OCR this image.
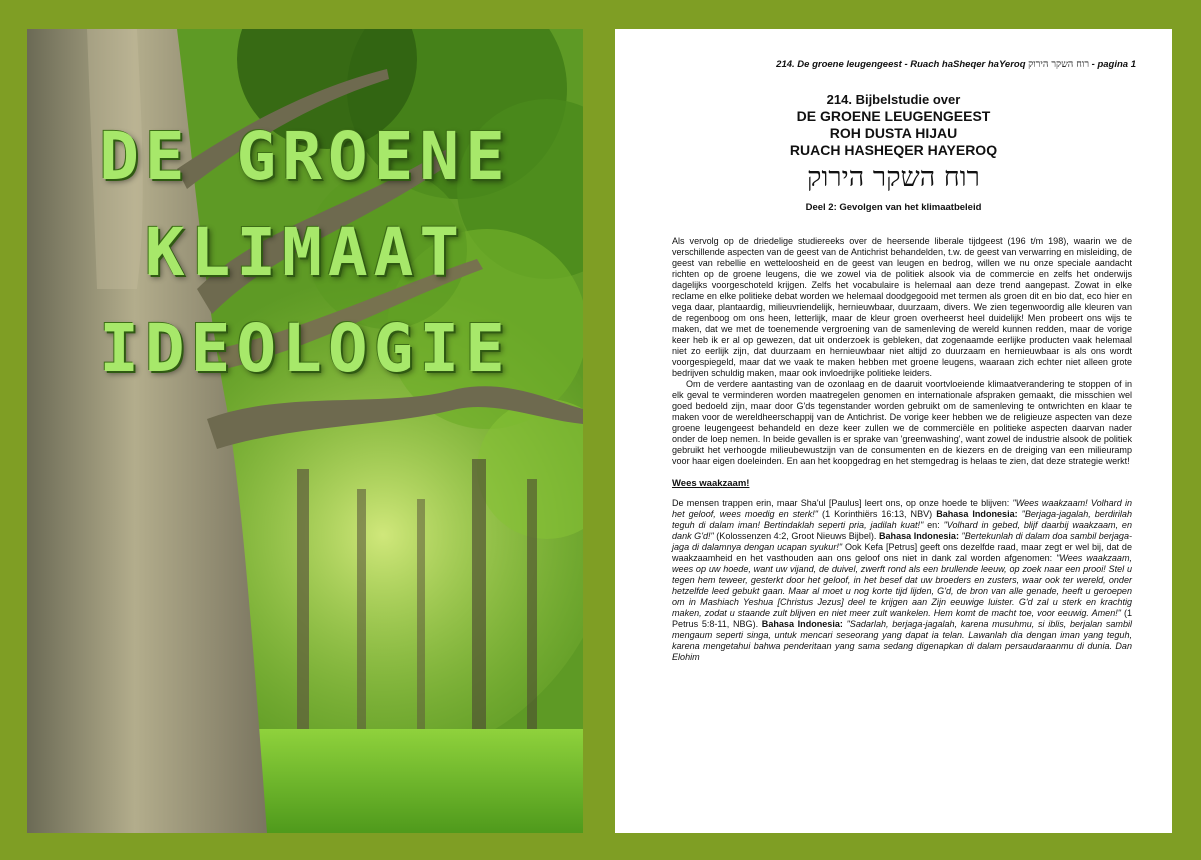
DE GROENE
KLIMAAT
IDEOLOGIE
214. De groene leugengeest - Ruach haSheqer haYeroq רוח השקר הירוק - pagina 1
214. Bijbelstudie over
DE GROENE LEUGENGEEST
ROH DUSTA HIJAU
RUACH HASHEQER HAYEROQ
רוח השקר הירוק
Deel 2: Gevolgen van het klimaatbeleid

Als vervolg op de driedelige studiereeks over de heersende liberale tijdgeest (196 t/m 198), waarin we de verschillende aspecten van de geest van de Antichrist behandelden, t.w. de geest van verwarring en misleiding, de geest van rebellie en wetteloosheid en de geest van leugen en bedrog, willen we nu onze speciale aandacht richten op de groene leugens, die we zowel via de politiek alsook via de commercie en zelfs het onderwijs dagelijks voorgeschoteld krijgen. Zelfs het vocabulaire is helemaal aan deze trend aangepast. Zowat in elke reclame en elke politieke debat worden we helemaal doodgegooid met termen als groen dit en bio dat, eco hier en vega daar, plantaardig, milieuvriendelijk, hernieuwbaar, duurzaam, divers. We zien tegenwoordig alle kleuren van de regenboog om ons heen, letterlijk, maar de kleur groen overheerst heel duidelijk! Men probeert ons wijs te maken, dat we met de toenemende vergroening van de samenleving de wereld kunnen redden, maar de vorige keer heb ik er al op gewezen, dat uit onderzoek is gebleken, dat zogenaamde eerlijke producten vaak helemaal niet zo eerlijk zijn, dat duurzaam en hernieuwbaar niet altijd zo duurzaam en hernieuwbaar is als ons wordt voorgespiegeld, maar dat we vaak te maken hebben met groene leugens, waaraan zich echter niet alleen grote bedrijven schuldig maken, maar ook invloedrijke politieke leiders.

Om de verdere aantasting van de ozonlaag en de daaruit voortvloeiende klimaatverandering te stoppen of in elk geval te verminderen worden maatregelen genomen en internationale afspraken gemaakt, die misschien wel goed bedoeld zijn, maar door G'ds tegenstander worden gebruikt om de samenleving te ontwrichten en klaar te maken voor de wereldheerschappij van de Antichrist. De vorige keer hebben we de religieuze aspecten van deze groene leugengeest behandeld en deze keer zullen we de commerciële en politieke aspecten daarvan nader onder de loep nemen. In beide gevallen is er sprake van 'greenwashing', want zowel de industrie alsook de politiek gebruikt het verhoogde milieubewustzijn van de consumenten en de kiezers en de dreiging van een milieuramp voor haar eigen doeleinden. En aan het koopgedrag en het stemgedrag is helaas te zien, dat deze strategie werkt!

Wees waakzaam!

De mensen trappen erin, maar Sha'ul [Paulus] leert ons, op onze hoede te blijven: "Wees waakzaam! Volhard in het geloof, wees moedig en sterk!" (1 Korinthiërs 16:13, NBV) Bahasa Indonesia: "Berjaga-jagalah, berdirilah teguh di dalam iman! Bertindaklah seperti pria, jadilah kuat!" en: "Volhard in gebed, blijf daarbij waakzaam, en dank G'd!" (Kolossenzen 4:2, Groot Nieuws Bijbel). Bahasa Indonesia: "Bertekunlah di dalam doa sambil berjaga-jaga di dalamnya dengan ucapan syukur!" Ook Kefa [Petrus] geeft ons dezelfde raad, maar zegt er wel bij, dat de waakzaamheid en het vasthouden aan ons geloof ons niet in dank zal worden afgenomen: "Wees waakzaam, wees op uw hoede, want uw vijand, de duivel, zwerft rond als een brullende leeuw, op zoek naar een prooi! Stel u tegen hem teweer, gesterkt door het geloof, in het besef dat uw broeders en zusters, waar ook ter wereld, onder hetzelfde leed gebukt gaan. Maar al moet u nog korte tijd lijden, G'd, de bron van alle genade, heeft u geroepen om in Mashiach Yeshua [Christus Jezus] deel te krijgen aan Zijn eeuwige luister. G'd zal u sterk en krachtig maken, zodat u staande zult blijven en niet meer zult wankelen. Hem komt de macht toe, voor eeuwig. Amen!" (1 Petrus 5:8-11, NBG). Bahasa Indonesia: "Sadarlah, berjaga-jagalah, karena musuhmu, si iblis, berjalan sambil mengaum seperti singa, untuk mencari seseorang yang dapat ia telan. Lawanlah dia dengan iman yang teguh, karena mengetahui bahwa penderitaan yang sama sedang digenapkan di dalam persaudaraanmu di dunia. Dan Elohim
